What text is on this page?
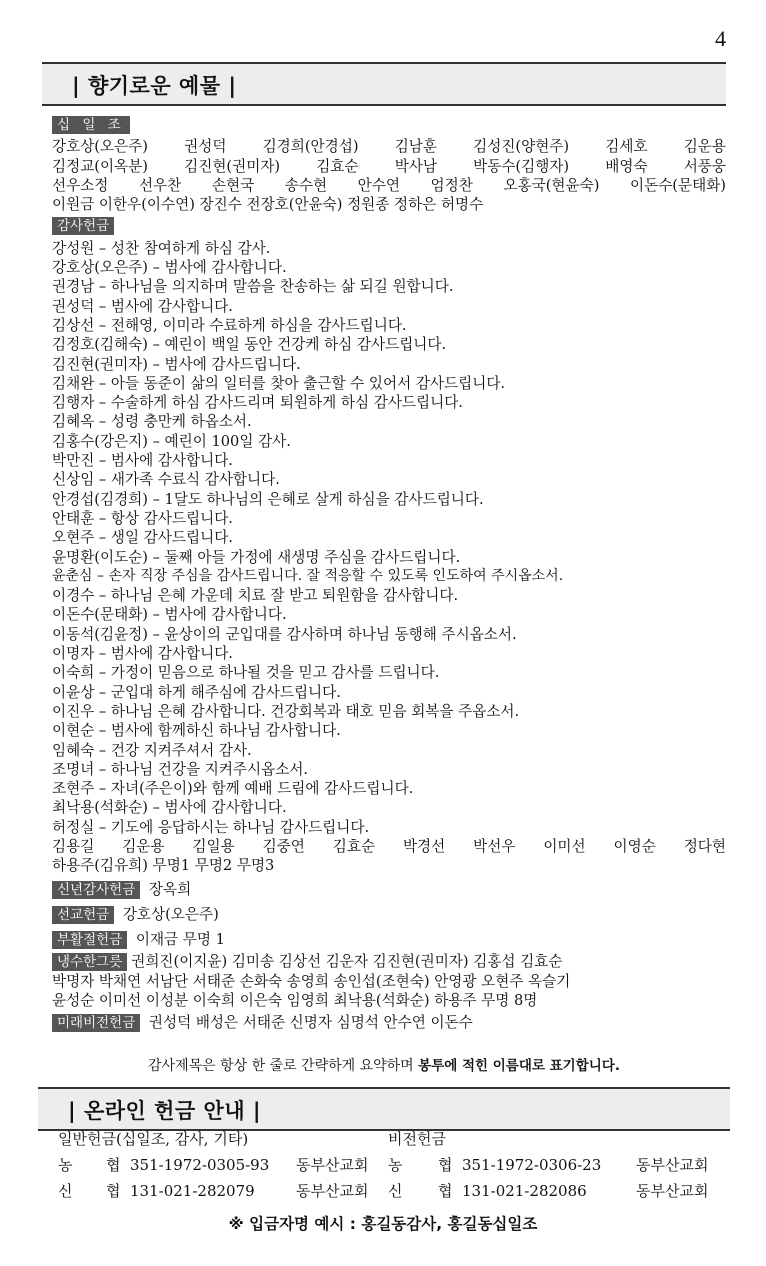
4
| 향기로운 예물 |
십 일 조

강호상(오은주) 권성덕 김경희(안경섭) 김남훈 김성진(양현주) 김세호 김운용

김정교(이옥분) 김진현(권미자) 김효순 박사남 박동수(김행자) 배영숙 서풍웅

선우소정 선우찬 손현국 송수현 안수연 엄정찬 오홍국(현윤숙) 이돈수(문태화)

이원금 이한우(이수연) 장진수 전장호(안윤숙) 정원종 정하은 허명수

감사헌금

강성원 – 성찬 참여하게 하심 감사.

강호상(오은주) – 범사에 감사합니다.

권경남 – 하나님을 의지하며 말씀을 찬송하는 삶 되길 원합니다.

권성덕 – 범사에 감사합니다.

김상선 – 전해영, 이미라 수료하게 하심을 감사드립니다.

김정호(김해숙) – 예린이 백일 동안 건강케 하심 감사드립니다.

김진현(권미자) – 범사에 감사드립니다.

김채완 – 아들 동준이 삶의 일터를 찾아 출근할 수 있어서 감사드립니다.

김행자 – 수술하게 하심 감사드리며 퇴원하게 하심 감사드립니다.

김혜옥 – 성령 충만케 하옵소서.

김홍수(강은지) – 예린이 100일 감사.

박만진 – 범사에 감사합니다.

신상임 – 새가족 수료식 감사합니다.

안경섭(김경희) – 1달도 하나님의 은혜로 살게 하심을 감사드립니다.

안태훈 – 항상 감사드립니다.

오현주 – 생일 감사드립니다.

윤명환(이도순) – 둘째 아들 가정에 새생명 주심을 감사드립니다.

윤춘심 – 손자 직장 주심을 감사드립니다. 잘 적응할 수 있도록 인도하여 주시옵소서.

이경수 – 하나님 은혜 가운데 치료 잘 받고 퇴원함을 감사합니다.

이돈수(문태화) – 범사에 감사합니다.

이동석(김윤정) – 윤상이의 군입대를 감사하며 하나님 동행해 주시옵소서.

이명자 – 범사에 감사합니다.

이숙희 – 가정이 믿음으로 하나될 것을 믿고 감사를 드립니다.

이윤상 – 군입대 하게 해주심에 감사드립니다.

이진우 – 하나님 은혜 감사합니다. 건강회복과 태호 믿음 회복을 주옵소서.

이현순 – 범사에 함께하신 하나님 감사합니다.

임혜숙 – 건강 지켜주셔서 감사.

조명녀 – 하나님 건강을 지켜주시옵소서.

조현주 – 자녀(주은이)와 함께 예배 드림에 감사드립니다.

최낙용(석화순) – 범사에 감사합니다.

허정실 – 기도에 응답하시는 하나님 감사드립니다.

김용길 김운용 김일용 김중연 김효순 박경선 박선우 이미선 이영순 정다현

하용주(김유희) 무명1 무명2 무명3

신년감사헌금 장옥희
선교헌금 강호상(오은주)
부활절헌금 이재금 무명 1

냉수한그릇 권희진(이지윤) 김미송 김상선 김운자 김진현(권미자) 김홍섭 김효순

박명자 박채연 서남단 서태준 손화숙 송영희 송인섭(조현숙) 안영광 오현주 옥슬기

윤성순 이미선 이성분 이숙희 이은숙 임영희 최낙용(석화순) 하용주 무명 8명

미래비전헌금 권성덕 배성은 서태준 신명자 심명석 안수연 이돈수
감사제목은 항상 한 줄로 간략하게 요약하며 봉투에 적힌 이름대로 표기합니다.
| 온라인 헌금 안내 |
일반헌금(십일조, 감사, 기타)	비전헌금
농 협 351-1972-0305-93 동부산교회 농 협 351-1972-0306-23 동부산교회
신 협 131-021-282079	동부산교회 신 협 131-021-282086	동부산교회
※ 입금자명 예시 : 홍길동감사, 홍길동십일조
